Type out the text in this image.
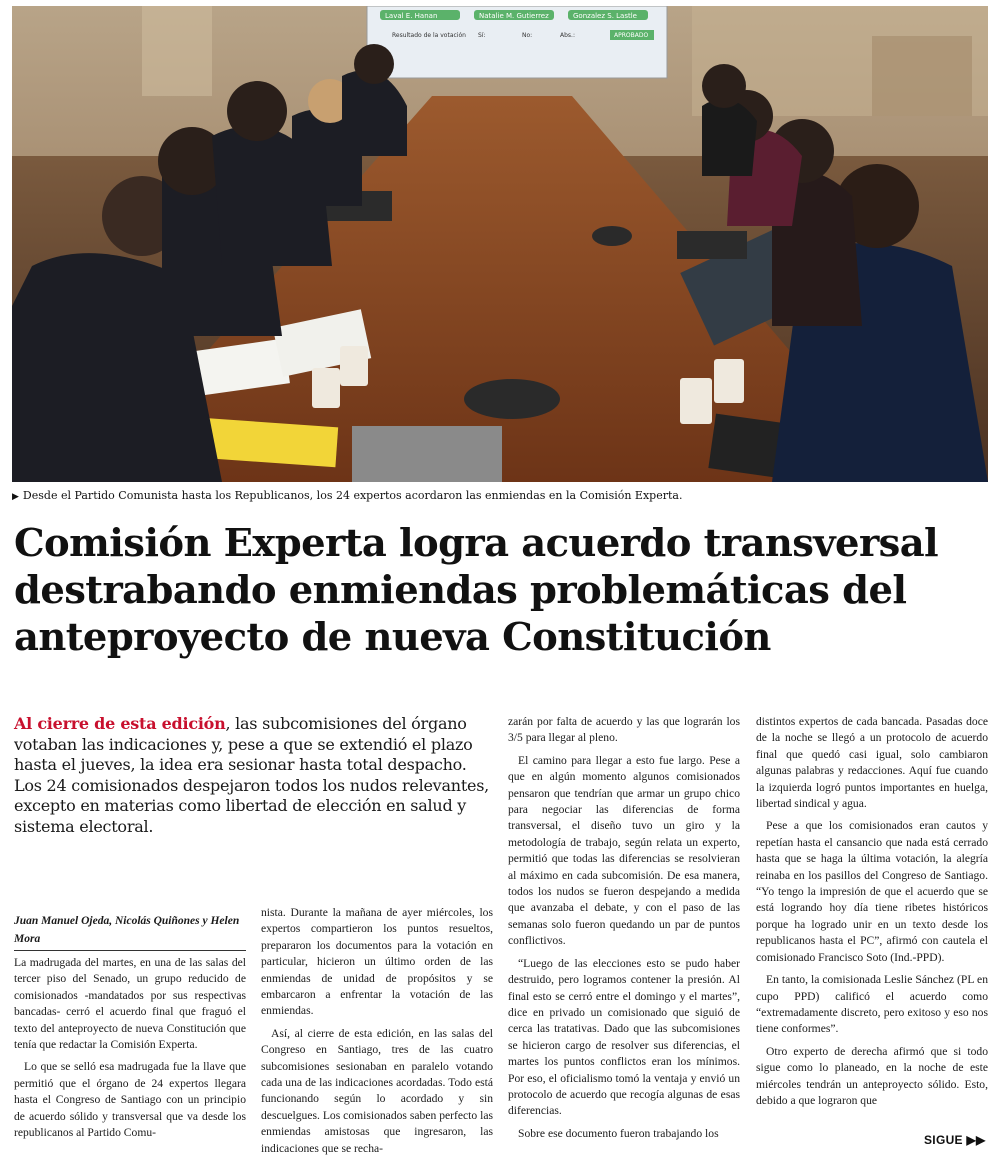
Laval E. Hanan	Natalie M. Gutierrez	Gonzalez S. Lastle
Resultado de la votación Sí:	No:	Abs.:	APROBADO
▶ Desde el Partido Comunista hasta los Republicanos, los 24 expertos acordaron las enmiendas en la Comisión Experta.
Comisión Experta logra acuerdo transversal destrabando enmiendas problemáticas del anteproyecto de nueva Constitución
Al cierre de esta edición, las subcomisiones del órgano votaban las indicaciones y, pese a que se extendió el plazo hasta el jueves, la idea era sesionar hasta total despacho. Los 24 comisionados despejaron todos los nudos relevantes, excepto en materias como libertad de elección en salud y sistema electoral.
Juan Manuel Ojeda, Nicolás Quiñones y Helen Mora

La madrugada del martes, en una de las salas del tercer piso del Senado, un grupo reducido de comisionados -mandatados por sus respectivas bancadas- cerró el acuerdo final que fraguó el texto del anteproyecto de nueva Constitución que tenía que redactar la Comisión Experta.

Lo que se selló esa madrugada fue la llave que permitió que el órgano de 24 expertos llegara hasta el Congreso de Santiago con un principio de acuerdo sólido y transversal que va desde los republicanos al Partido Comu-

nista. Durante la mañana de ayer miércoles, los expertos compartieron los puntos resueltos, prepararon los documentos para la votación en particular, hicieron un último orden de las enmiendas de unidad de propósitos y se embarcaron a enfrentar la votación de las enmiendas.

Así, al cierre de esta edición, en las salas del Congreso en Santiago, tres de las cuatro subcomisiones sesionaban en paralelo votando cada una de las indicaciones acordadas. Todo está funcionando según lo acordado y sin descuelgues. Los comisionados saben perfecto las enmiendas amistosas que ingresaron, las indicaciones que se recha-

zarán por falta de acuerdo y las que lograrán los 3/5 para llegar al pleno.

El camino para llegar a esto fue largo. Pese a que en algún momento algunos comisionados pensaron que tendrían que armar un grupo chico para negociar las diferencias de forma transversal, el diseño tuvo un giro y la metodología de trabajo, según relata un experto, permitió que todas las diferencias se resolvieran al máximo en cada subcomisión. De esa manera, todos los nudos se fueron despejando a medida que avanzaba el debate, y con el paso de las semanas solo fueron quedando un par de puntos conflictivos.

“Luego de las elecciones esto se pudo haber destruido, pero logramos contener la presión. Al final esto se cerró entre el domingo y el martes”, dice en privado un comisionado que siguió de cerca las tratativas. Dado que las subcomisiones se hicieron cargo de resolver sus diferencias, el martes los puntos conflictos eran los mínimos. Por eso, el oficialismo tomó la ventaja y envió un protocolo de acuerdo que recogía algunas de esas diferencias.

Sobre ese documento fueron trabajando los

distintos expertos de cada bancada. Pasadas doce de la noche se llegó a un protocolo de acuerdo final que quedó casi igual, solo cambiaron algunas palabras y redacciones. Aquí fue cuando la izquierda logró puntos importantes en huelga, libertad sindical y agua.

Pese a que los comisionados eran cautos y repetían hasta el cansancio que nada está cerrado hasta que se haga la última votación, la alegría reinaba en los pasillos del Congreso de Santiago. “Yo tengo la impresión de que el acuerdo que se está logrando hoy día tiene ribetes históricos porque ha logrado unir en un texto desde los republicanos hasta el PC”, afirmó con cautela el comisionado Francisco Soto (Ind.-PPD).

En tanto, la comisionada Leslie Sánchez (PL en cupo PPD) calificó el acuerdo como “extremadamente discreto, pero exitoso y eso nos tiene conformes”.

Otro experto de derecha afirmó que si todo sigue como lo planeado, en la noche de este miércoles tendrán un anteproyecto sólido. Esto, debido a que lograron que

SIGUE ▶▶
